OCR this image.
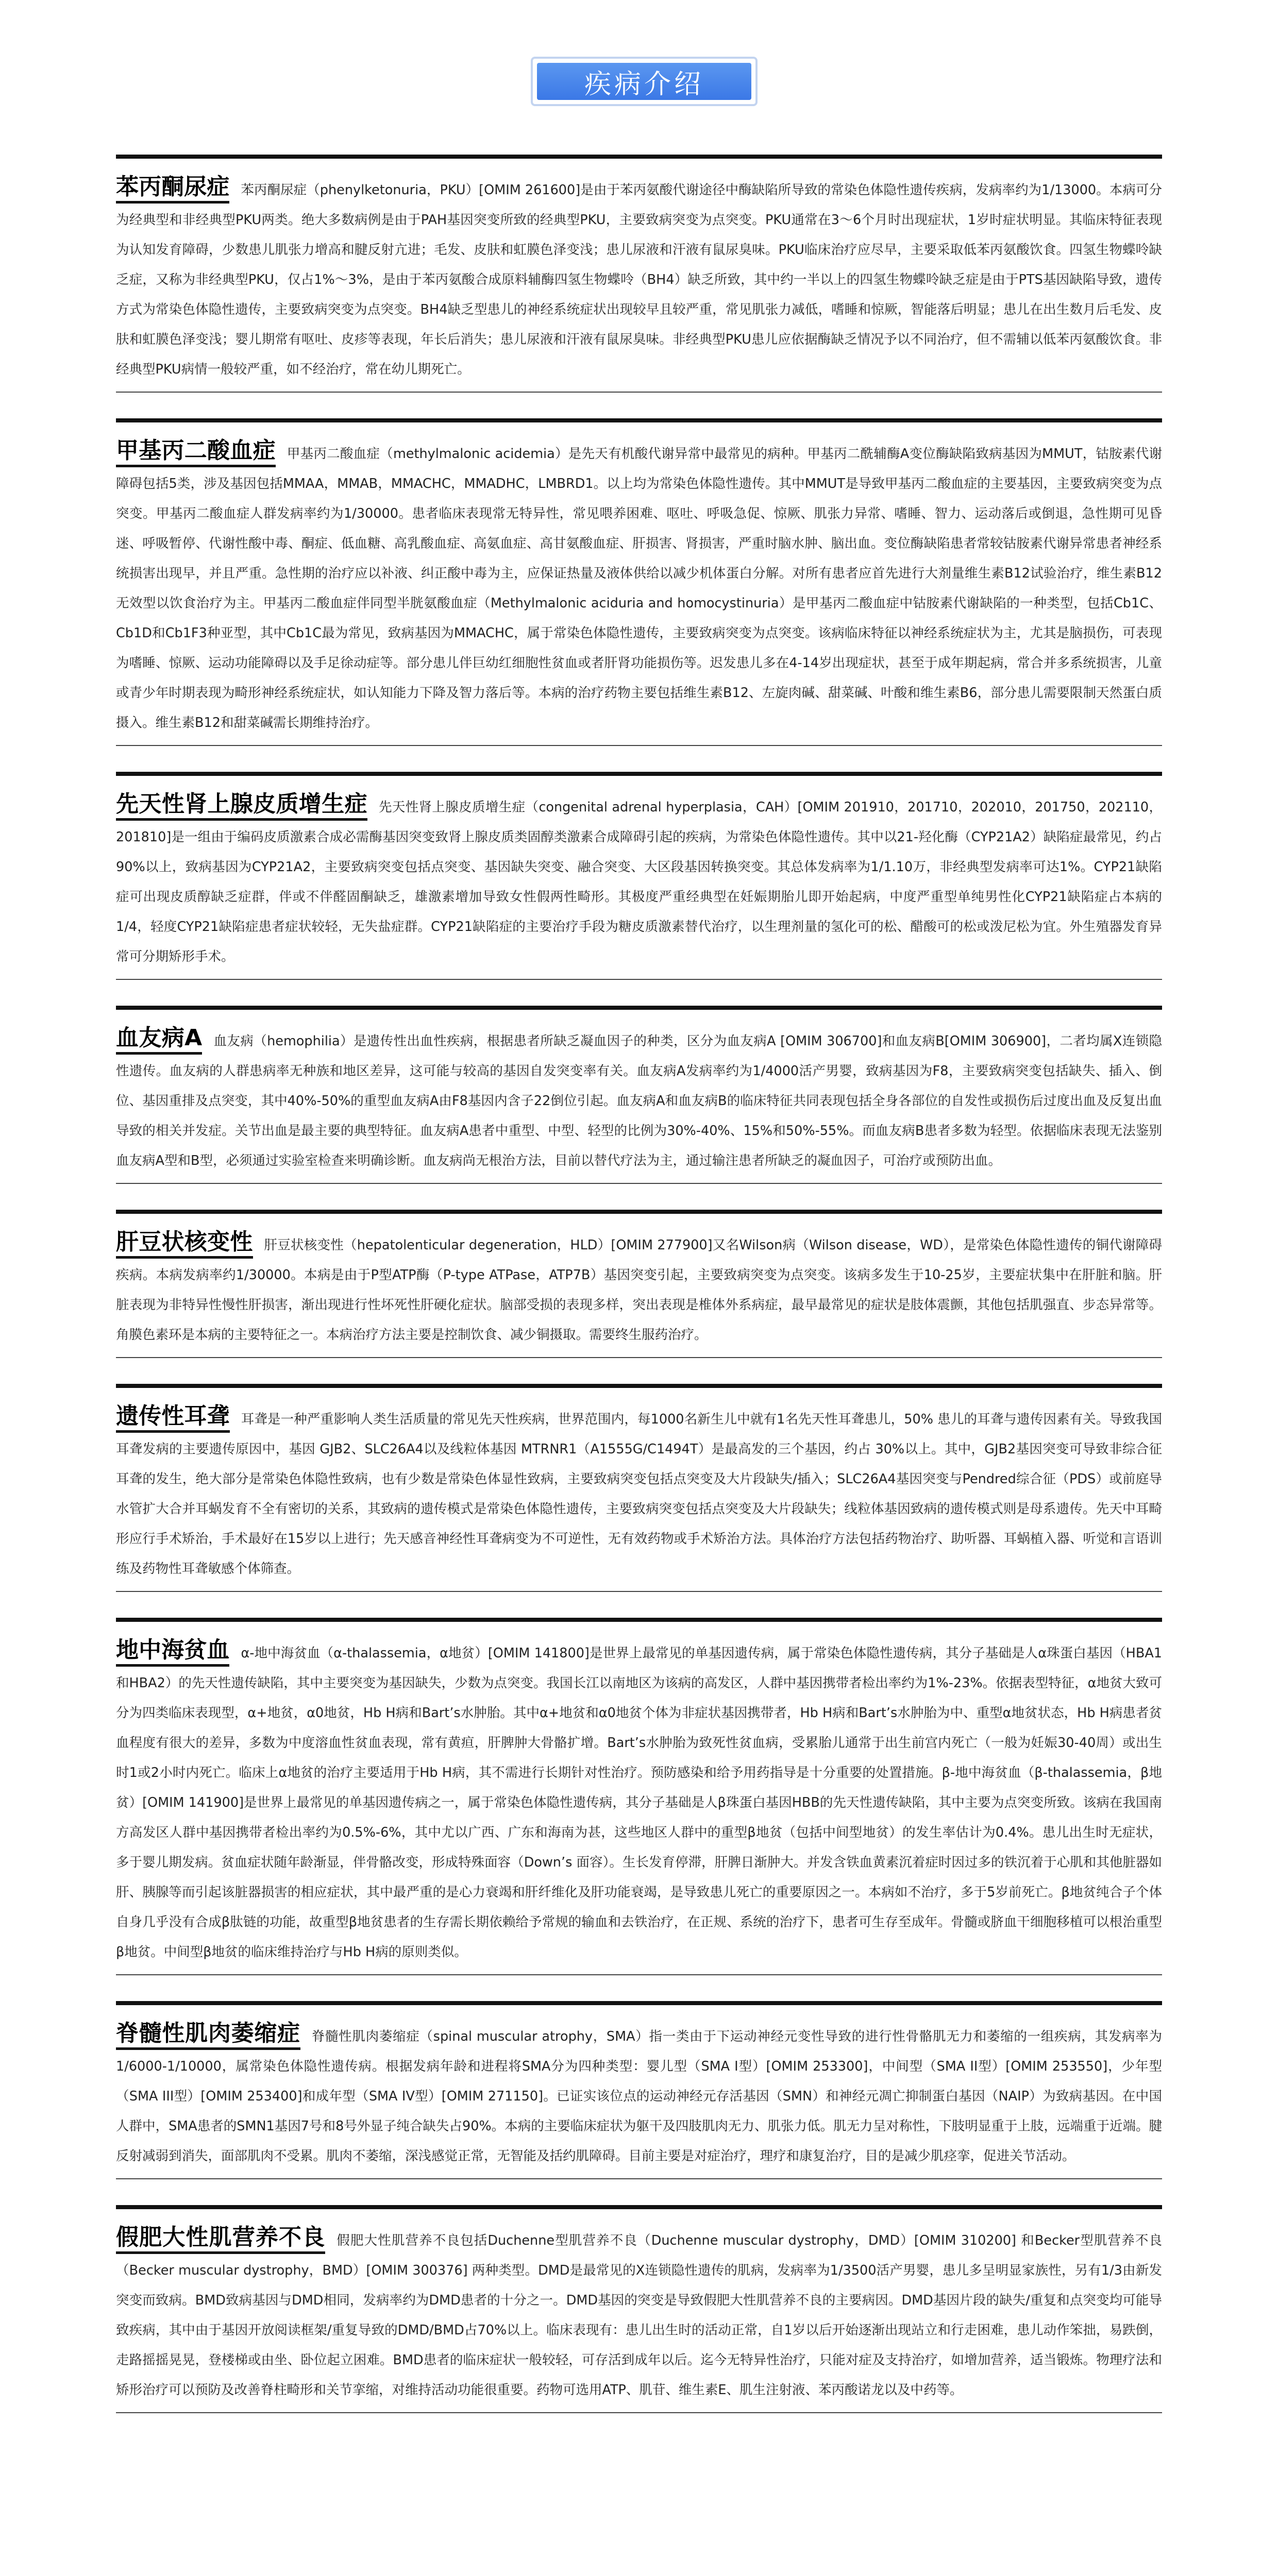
疾病介绍

苯丙酮尿症 苯丙酮尿症（phenylketonuria，PKU）[OMIM 261600]是由于苯丙氨酸代谢途径中酶缺陷所导致的常染色体隐性遗传疾病，发病率约为1/13000。本病可分为经典型和非经典型PKU两类。绝大多数病例是由于PAH基因突变所致的经典型PKU，主要致病突变为点突变。PKU通常在3～6个月时出现症状，1岁时症状明显。其临床特征表现为认知发育障碍，少数患儿肌张力增高和腱反射亢进；毛发、皮肤和虹膜色泽变浅；患儿尿液和汗液有鼠尿臭味。PKU临床治疗应尽早，主要采取低苯丙氨酸饮食。四氢生物蝶呤缺乏症，又称为非经典型PKU，仅占1%～3%，是由于苯丙氨酸合成原料辅酶四氢生物蝶呤（BH4）缺乏所致，其中约一半以上的四氢生物蝶呤缺乏症是由于PTS基因缺陷导致，遗传方式为常染色体隐性遗传，主要致病突变为点突变。BH4缺乏型患儿的神经系统症状出现较早且较严重，常见肌张力减低，嗜睡和惊厥，智能落后明显；患儿在出生数月后毛发、皮肤和虹膜色泽变浅；婴儿期常有呕吐、皮疹等表现，年长后消失；患儿尿液和汗液有鼠尿臭味。非经典型PKU患儿应依据酶缺乏情况予以不同治疗，但不需辅以低苯丙氨酸饮食。非经典型PKU病情一般较严重，如不经治疗，常在幼儿期死亡。

甲基丙二酸血症 甲基丙二酸血症（methylmalonic acidemia）是先天有机酸代谢异常中最常见的病种。甲基丙二酰辅酶A变位酶缺陷致病基因为MMUT，钴胺素代谢障碍包括5类，涉及基因包括MMAA，MMAB，MMACHC，MMADHC，LMBRD1。以上均为常染色体隐性遗传。其中MMUT是导致甲基丙二酸血症的主要基因，主要致病突变为点突变。甲基丙二酸血症人群发病率约为1/30000。患者临床表现常无特异性，常见喂养困难、呕吐、呼吸急促、惊厥、肌张力异常、嗜睡、智力、运动落后或倒退，急性期可见昏迷、呼吸暂停、代谢性酸中毒、酮症、低血糖、高乳酸血症、高氨血症、高甘氨酸血症、肝损害、肾损害，严重时脑水肿、脑出血。变位酶缺陷患者常较钴胺素代谢异常患者神经系统损害出现早，并且严重。急性期的治疗应以补液、纠正酸中毒为主，应保证热量及液体供给以减少机体蛋白分解。对所有患者应首先进行大剂量维生素B12试验治疗，维生素B12无效型以饮食治疗为主。甲基丙二酸血症伴同型半胱氨酸血症（Methylmalonic aciduria and homocystinuria）是甲基丙二酸血症中钴胺素代谢缺陷的一种类型，包括Cb1C、Cb1D和Cb1F3种亚型，其中Cb1C最为常见，致病基因为MMACHC，属于常染色体隐性遗传，主要致病突变为点突变。该病临床特征以神经系统症状为主，尤其是脑损伤，可表现为嗜睡、惊厥、运动功能障碍以及手足徐动症等。部分患儿伴巨幼红细胞性贫血或者肝肾功能损伤等。迟发患儿多在4-14岁出现症状，甚至于成年期起病，常合并多系统损害，儿童或青少年时期表现为畸形神经系统症状，如认知能力下降及智力落后等。本病的治疗药物主要包括维生素B12、左旋肉碱、甜菜碱、叶酸和维生素B6，部分患儿需要限制天然蛋白质摄入。维生素B12和甜菜碱需长期维持治疗。

先天性肾上腺皮质增生症 先天性肾上腺皮质增生症（congenital adrenal hyperplasia，CAH）[OMIM 201910，201710，202010，201750，202110，201810]是一组由于编码皮质激素合成必需酶基因突变致肾上腺皮质类固醇类激素合成障碍引起的疾病，为常染色体隐性遗传。其中以21-羟化酶（CYP21A2）缺陷症最常见，约占90%以上，致病基因为CYP21A2，主要致病突变包括点突变、基因缺失突变、融合突变、大区段基因转换突变。其总体发病率为1/1.10万，非经典型发病率可达1%。CYP21缺陷症可出现皮质醇缺乏症群，伴或不伴醛固酮缺乏，雄激素增加导致女性假两性畸形。其极度严重经典型在妊娠期胎儿即开始起病，中度严重型单纯男性化CYP21缺陷症占本病的1/4，轻度CYP21缺陷症患者症状较轻，无失盐症群。CYP21缺陷症的主要治疗手段为糖皮质激素替代治疗，以生理剂量的氢化可的松、醋酸可的松或泼尼松为宜。外生殖器发育异常可分期矫形手术。

血友病A 血友病（hemophilia）是遗传性出血性疾病，根据患者所缺乏凝血因子的种类，区分为血友病A [OMIM 306700]和血友病B[OMIM 306900]，二者均属X连锁隐性遗传。血友病的人群患病率无种族和地区差异，这可能与较高的基因自发突变率有关。血友病A发病率约为1/4000活产男婴，致病基因为F8，主要致病突变包括缺失、插入、倒位、基因重排及点突变，其中40%-50%的重型血友病A由F8基因内含子22倒位引起。血友病A和血友病B的临床特征共同表现包括全身各部位的自发性或损伤后过度出血及反复出血导致的相关并发症。关节出血是最主要的典型特征。血友病A患者中重型、中型、轻型的比例为30%-40%、15%和50%-55%。而血友病B患者多数为轻型。依据临床表现无法鉴别血友病A型和B型，必须通过实验室检查来明确诊断。血友病尚无根治方法，目前以替代疗法为主，通过输注患者所缺乏的凝血因子，可治疗或预防出血。

肝豆状核变性 肝豆状核变性（hepatolenticular degeneration，HLD）[OMIM 277900]又名Wilson病（Wilson disease，WD），是常染色体隐性遗传的铜代谢障碍疾病。本病发病率约1/30000。本病是由于P型ATP酶（P-type ATPase，ATP7B）基因突变引起，主要致病突变为点突变。该病多发生于10-25岁，主要症状集中在肝脏和脑。肝脏表现为非特异性慢性肝损害，渐出现进行性坏死性肝硬化症状。脑部受损的表现多样，突出表现是椎体外系病症，最早最常见的症状是肢体震颤，其他包括肌强直、步态异常等。角膜色素环是本病的主要特征之一。本病治疗方法主要是控制饮食、减少铜摄取。需要终生服药治疗。

遗传性耳聋 耳聋是一种严重影响人类生活质量的常见先天性疾病，世界范围内，每1000名新生儿中就有1名先天性耳聋患儿，50% 患儿的耳聋与遗传因素有关。导致我国耳聋发病的主要遗传原因中，基因 GJB2、SLC26A4以及线粒体基因 MTRNR1（A1555G/C1494T）是最高发的三个基因，约占 30%以上。其中，GJB2基因突变可导致非综合征耳聋的发生，绝大部分是常染色体隐性致病，也有少数是常染色体显性致病，主要致病突变包括点突变及大片段缺失/插入；SLC26A4基因突变与Pendred综合征（PDS）或前庭导水管扩大合并耳蜗发育不全有密切的关系，其致病的遗传模式是常染色体隐性遗传，主要致病突变包括点突变及大片段缺失；线粒体基因致病的遗传模式则是母系遗传。先天中耳畸形应行手术矫治，手术最好在15岁以上进行；先天感音神经性耳聋病变为不可逆性，无有效药物或手术矫治方法。具体治疗方法包括药物治疗、助听器、耳蜗植入器、听觉和言语训练及药物性耳聋敏感个体筛查。

地中海贫血 α-地中海贫血（α-thalassemia，α地贫）[OMIM 141800]是世界上最常见的单基因遗传病，属于常染色体隐性遗传病，其分子基础是人α珠蛋白基因（HBA1和HBA2）的先天性遗传缺陷，其中主要突变为基因缺失，少数为点突变。我国长江以南地区为该病的高发区，人群中基因携带者检出率约为1%-23%。依据表型特征，α地贫大致可分为四类临床表现型，α+地贫，α0地贫，Hb H病和Bart’s水肿胎。其中α+地贫和α0地贫个体为非症状基因携带者，Hb H病和Bart’s水肿胎为中、重型α地贫状态，Hb H病患者贫血程度有很大的差异，多数为中度溶血性贫血表现，常有黄疸，肝脾肿大骨骼扩增。Bart’s水肿胎为致死性贫血病，受累胎儿通常于出生前宫内死亡（一般为妊娠30-40周）或出生时1或2小时内死亡。临床上α地贫的治疗主要适用于Hb H病，其不需进行长期针对性治疗。预防感染和给予用药指导是十分重要的处置措施。β-地中海贫血（β-thalassemia，β地贫）[OMIM 141900]是世界上最常见的单基因遗传病之一，属于常染色体隐性遗传病，其分子基础是人β珠蛋白基因HBB的先天性遗传缺陷，其中主要为点突变所致。该病在我国南方高发区人群中基因携带者检出率约为0.5%-6%，其中尤以广西、广东和海南为甚，这些地区人群中的重型β地贫（包括中间型地贫）的发生率估计为0.4%。患儿出生时无症状，多于婴儿期发病。贫血症状随年龄渐显，伴骨骼改变，形成特殊面容（Down’s 面容）。生长发育停滞，肝脾日渐肿大。并发含铁血黄素沉着症时因过多的铁沉着于心肌和其他脏器如肝、胰腺等而引起该脏器损害的相应症状，其中最严重的是心力衰竭和肝纤维化及肝功能衰竭，是导致患儿死亡的重要原因之一。本病如不治疗，多于5岁前死亡。β地贫纯合子个体自身几乎没有合成β肽链的功能，故重型β地贫患者的生存需长期依赖给予常规的输血和去铁治疗，在正规、系统的治疗下，患者可生存至成年。骨髓或脐血干细胞移植可以根治重型β地贫。中间型β地贫的临床维持治疗与Hb H病的原则类似。

脊髓性肌肉萎缩症 脊髓性肌肉萎缩症（spinal muscular atrophy，SMA）指一类由于下运动神经元变性导致的进行性骨骼肌无力和萎缩的一组疾病，其发病率为1/6000-1/10000，属常染色体隐性遗传病。根据发病年龄和进程将SMA分为四种类型：婴儿型（SMA I型）[OMIM 253300]，中间型（SMA II型）[OMIM 253550]，少年型（SMA III型）[OMIM 253400]和成年型（SMA IV型）[OMIM 271150]。已证实该位点的运动神经元存活基因（SMN）和神经元凋亡抑制蛋白基因（NAIP）为致病基因。在中国人群中，SMA患者的SMN1基因7号和8号外显子纯合缺失占90%。本病的主要临床症状为躯干及四肢肌肉无力、肌张力低。肌无力呈对称性，下肢明显重于上肢，远端重于近端。腱反射减弱到消失，面部肌肉不受累。肌肉不萎缩，深浅感觉正常，无智能及括约肌障碍。目前主要是对症治疗，理疗和康复治疗，目的是减少肌痉挛，促进关节活动。

假肥大性肌营养不良 假肥大性肌营养不良包括Duchenne型肌营养不良（Duchenne muscular dystrophy，DMD）[OMIM 310200] 和Becker型肌营养不良（Becker muscular dystrophy，BMD）[OMIM 300376] 两种类型。DMD是最常见的X连锁隐性遗传的肌病，发病率为1/3500活产男婴，患儿多呈明显家族性，另有1/3由新发突变而致病。BMD致病基因与DMD相同，发病率约为DMD患者的十分之一。DMD基因的突变是导致假肥大性肌营养不良的主要病因。DMD基因片段的缺失/重复和点突变均可能导致疾病，其中由于基因开放阅读框架/重复导致的DMD/BMD占70%以上。临床表现有：患儿出生时的活动正常，自1岁以后开始逐渐出现站立和行走困难，患儿动作笨拙，易跌倒，走路摇摇晃晃，登楼梯或由坐、卧位起立困难。BMD患者的临床症状一般较轻，可存活到成年以后。迄今无特异性治疗，只能对症及支持治疗，如增加营养，适当锻炼。物理疗法和矫形治疗可以预防及改善脊柱畸形和关节挛缩，对维持活动功能很重要。药物可选用ATP、肌苷、维生素E、肌生注射液、苯丙酸诺龙以及中药等。
